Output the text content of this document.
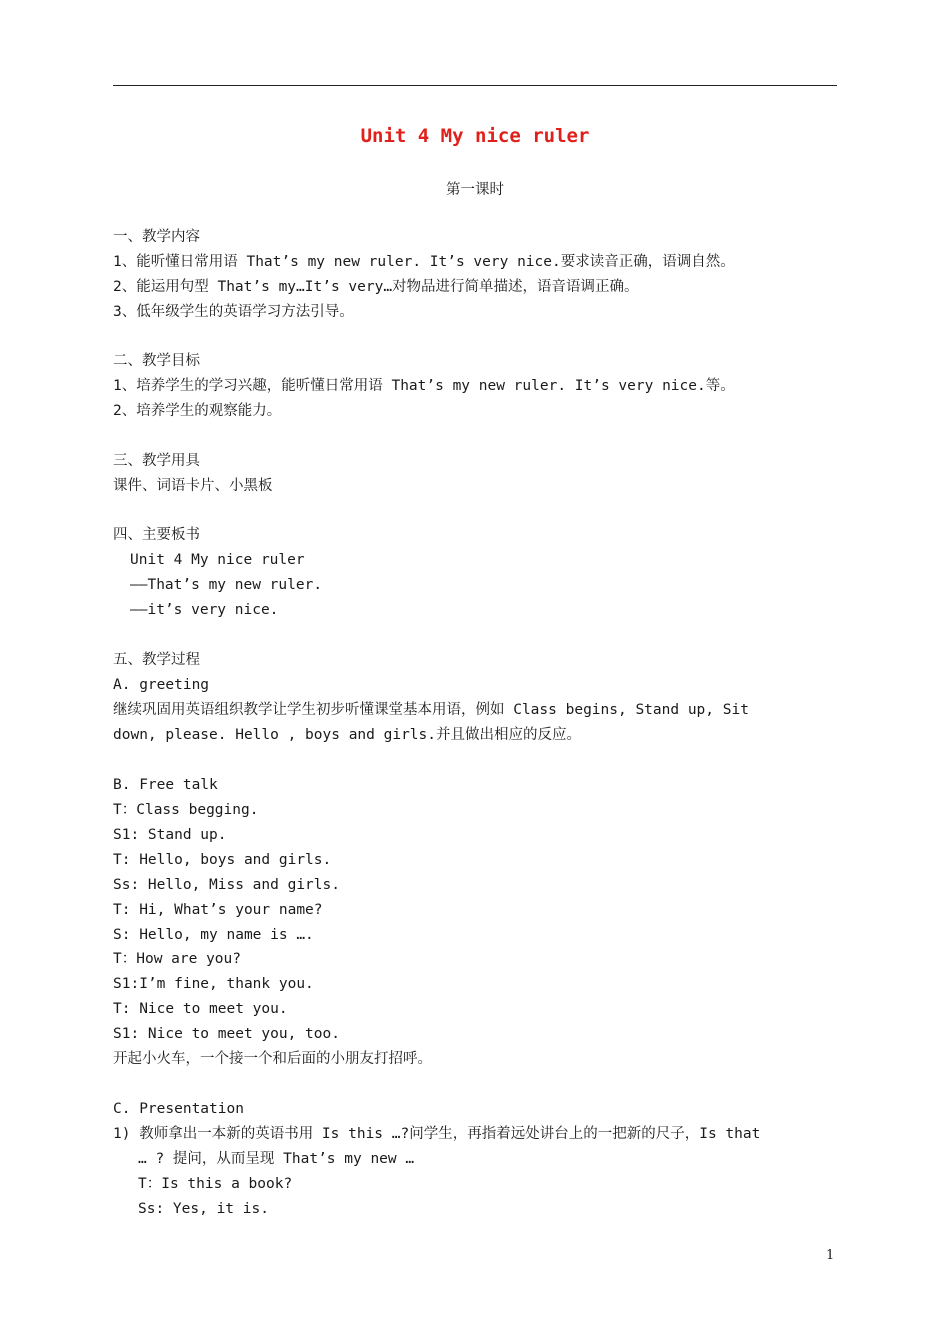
Unit 4 My nice ruler
第一课时
一、教学内容
1、能听懂日常用语 That’s my new ruler. It’s very nice.要求读音正确，语调自然。
2、能运用句型 That’s my…It’s very…对物品进行简单描述，语音语调正确。
3、低年级学生的英语学习方法引导。
二、教学目标
1、培养学生的学习兴趣，能听懂日常用语 That’s my new ruler. It’s very nice.等。
2、培养学生的观察能力。
三、教学用具
课件、词语卡片、小黑板
四、主要板书
Unit 4 My nice ruler
——That’s my new ruler.
——it’s very nice.
五、教学过程
A. greeting
继续巩固用英语组织教学让学生初步听懂课堂基本用语，例如 Class begins, Stand up, Sit
down, please. Hello , boys and girls.并且做出相应的反应。
B. Free talk
T：Class begging.
S1: Stand up.
T: Hello, boys and girls.
Ss: Hello, Miss and girls.
T: Hi, What’s your name?
S: Hello, my name is ….
T：How are you?
S1:I’m fine, thank you.
T: Nice to meet you.
S1: Nice to meet you, too.
开起小火车，一个接一个和后面的小朋友打招呼。
C. Presentation
1) 教师拿出一本新的英语书用 Is this …?问学生，再指着远处讲台上的一把新的尺子，Is that
… ? 提问，从而呈现 That’s my new …
T：Is this a book?
Ss: Yes, it is.
1
